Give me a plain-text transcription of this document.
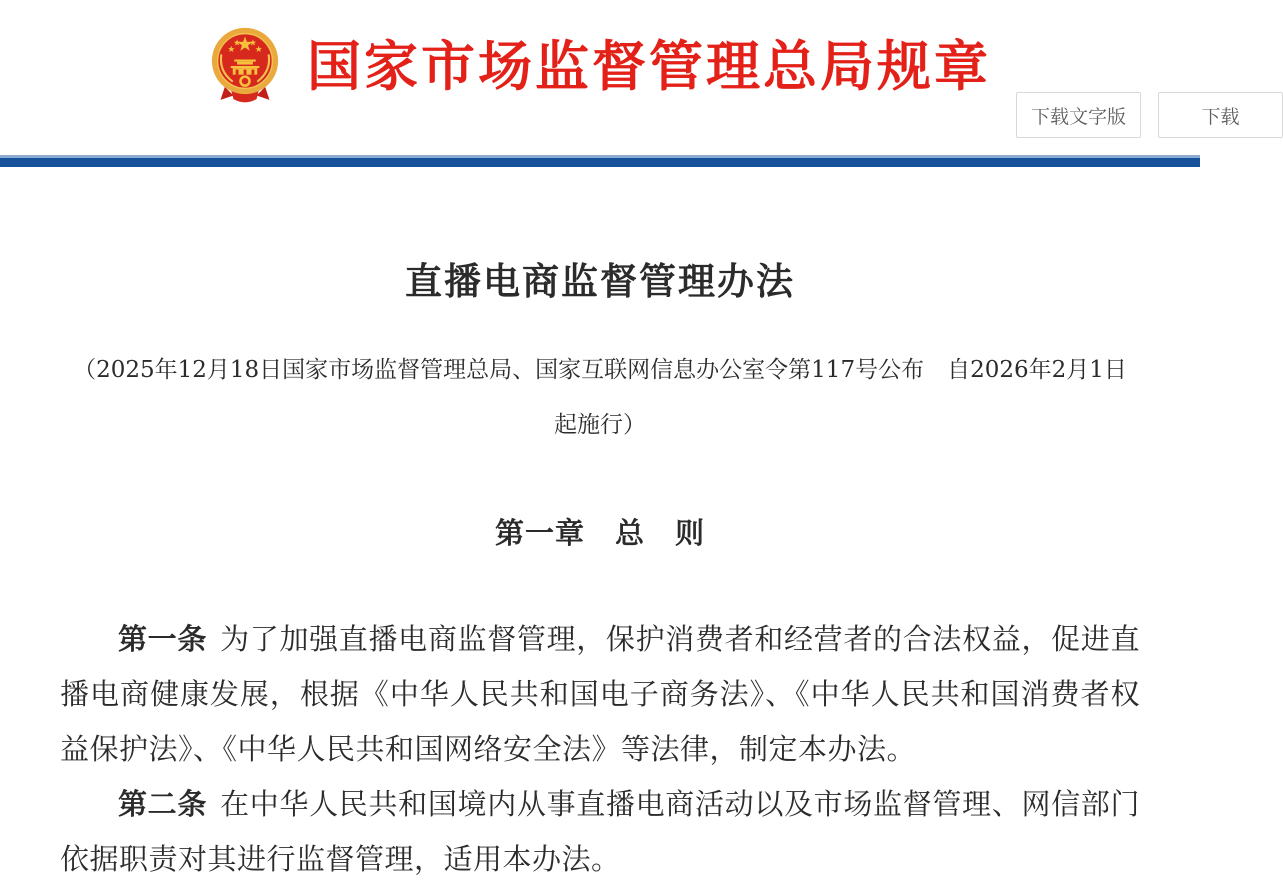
国家市场监督管理总局规章
下载文字版	下载
直播电商监督管理办法
（2025年12月18日国家市场监督管理总局、国家互联网信息办公室令第117号公布　自2026年2月1日
起施行）
第一章　总　则

第一条 为了加强直播电商监督管理，保护消费者和经营者的合法权益，促进直播电商健康发展，根据《中华人民共和国电子商务法》、《中华人民共和国消费者权益保护法》、《中华人民共和国网络安全法》等法律，制定本办法。

第二条 在中华人民共和国境内从事直播电商活动以及市场监督管理、网信部门依据职责对其进行监督管理，适用本办法。
